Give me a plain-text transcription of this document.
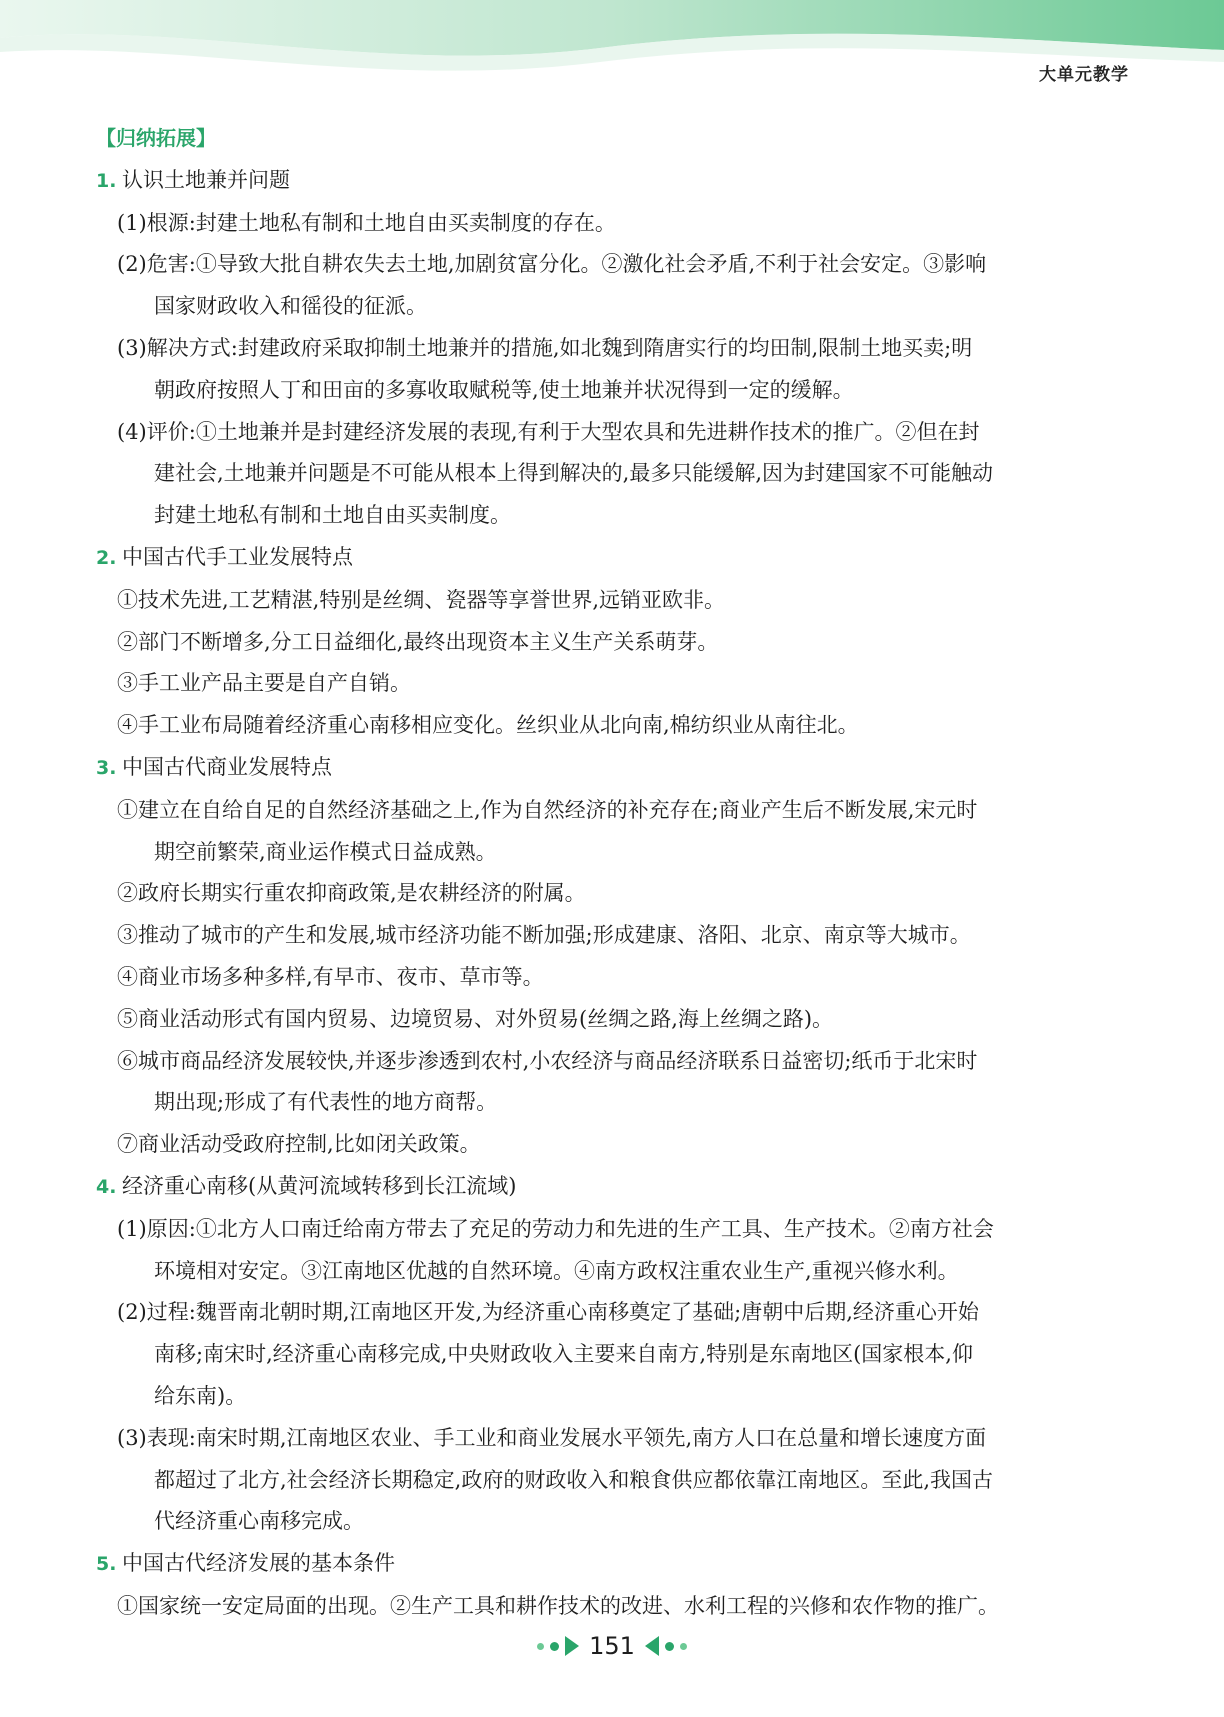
大单元教学
【归纳拓展】
1. 认识土地兼并问题
(1)根源:封建土地私有制和土地自由买卖制度的存在。
(2)危害:①导致大批自耕农失去土地,加剧贫富分化。②激化社会矛盾,不利于社会安定。③影响
国家财政收入和徭役的征派。
(3)解决方式:封建政府采取抑制土地兼并的措施,如北魏到隋唐实行的均田制,限制土地买卖;明
朝政府按照人丁和田亩的多寡收取赋税等,使土地兼并状况得到一定的缓解。
(4)评价:①土地兼并是封建经济发展的表现,有利于大型农具和先进耕作技术的推广。②但在封
建社会,土地兼并问题是不可能从根本上得到解决的,最多只能缓解,因为封建国家不可能触动
封建土地私有制和土地自由买卖制度。
2. 中国古代手工业发展特点
①技术先进,工艺精湛,特别是丝绸、瓷器等享誉世界,远销亚欧非。
②部门不断增多,分工日益细化,最终出现资本主义生产关系萌芽。
③手工业产品主要是自产自销。
④手工业布局随着经济重心南移相应变化。丝织业从北向南,棉纺织业从南往北。
3. 中国古代商业发展特点
①建立在自给自足的自然经济基础之上,作为自然经济的补充存在;商业产生后不断发展,宋元时
期空前繁荣,商业运作模式日益成熟。
②政府长期实行重农抑商政策,是农耕经济的附属。
③推动了城市的产生和发展,城市经济功能不断加强;形成建康、洛阳、北京、南京等大城市。
④商业市场多种多样,有早市、夜市、草市等。
⑤商业活动形式有国内贸易、边境贸易、对外贸易(丝绸之路,海上丝绸之路)。
⑥城市商品经济发展较快,并逐步渗透到农村,小农经济与商品经济联系日益密切;纸币于北宋时
期出现;形成了有代表性的地方商帮。
⑦商业活动受政府控制,比如闭关政策。
4. 经济重心南移(从黄河流域转移到长江流域)
(1)原因:①北方人口南迁给南方带去了充足的劳动力和先进的生产工具、生产技术。②南方社会
环境相对安定。③江南地区优越的自然环境。④南方政权注重农业生产,重视兴修水利。
(2)过程:魏晋南北朝时期,江南地区开发,为经济重心南移奠定了基础;唐朝中后期,经济重心开始
南移;南宋时,经济重心南移完成,中央财政收入主要来自南方,特别是东南地区(国家根本,仰
给东南)。
(3)表现:南宋时期,江南地区农业、手工业和商业发展水平领先,南方人口在总量和增长速度方面
都超过了北方,社会经济长期稳定,政府的财政收入和粮食供应都依靠江南地区。至此,我国古
代经济重心南移完成。
5. 中国古代经济发展的基本条件
①国家统一安定局面的出现。②生产工具和耕作技术的改进、水利工程的兴修和农作物的推广。
151
